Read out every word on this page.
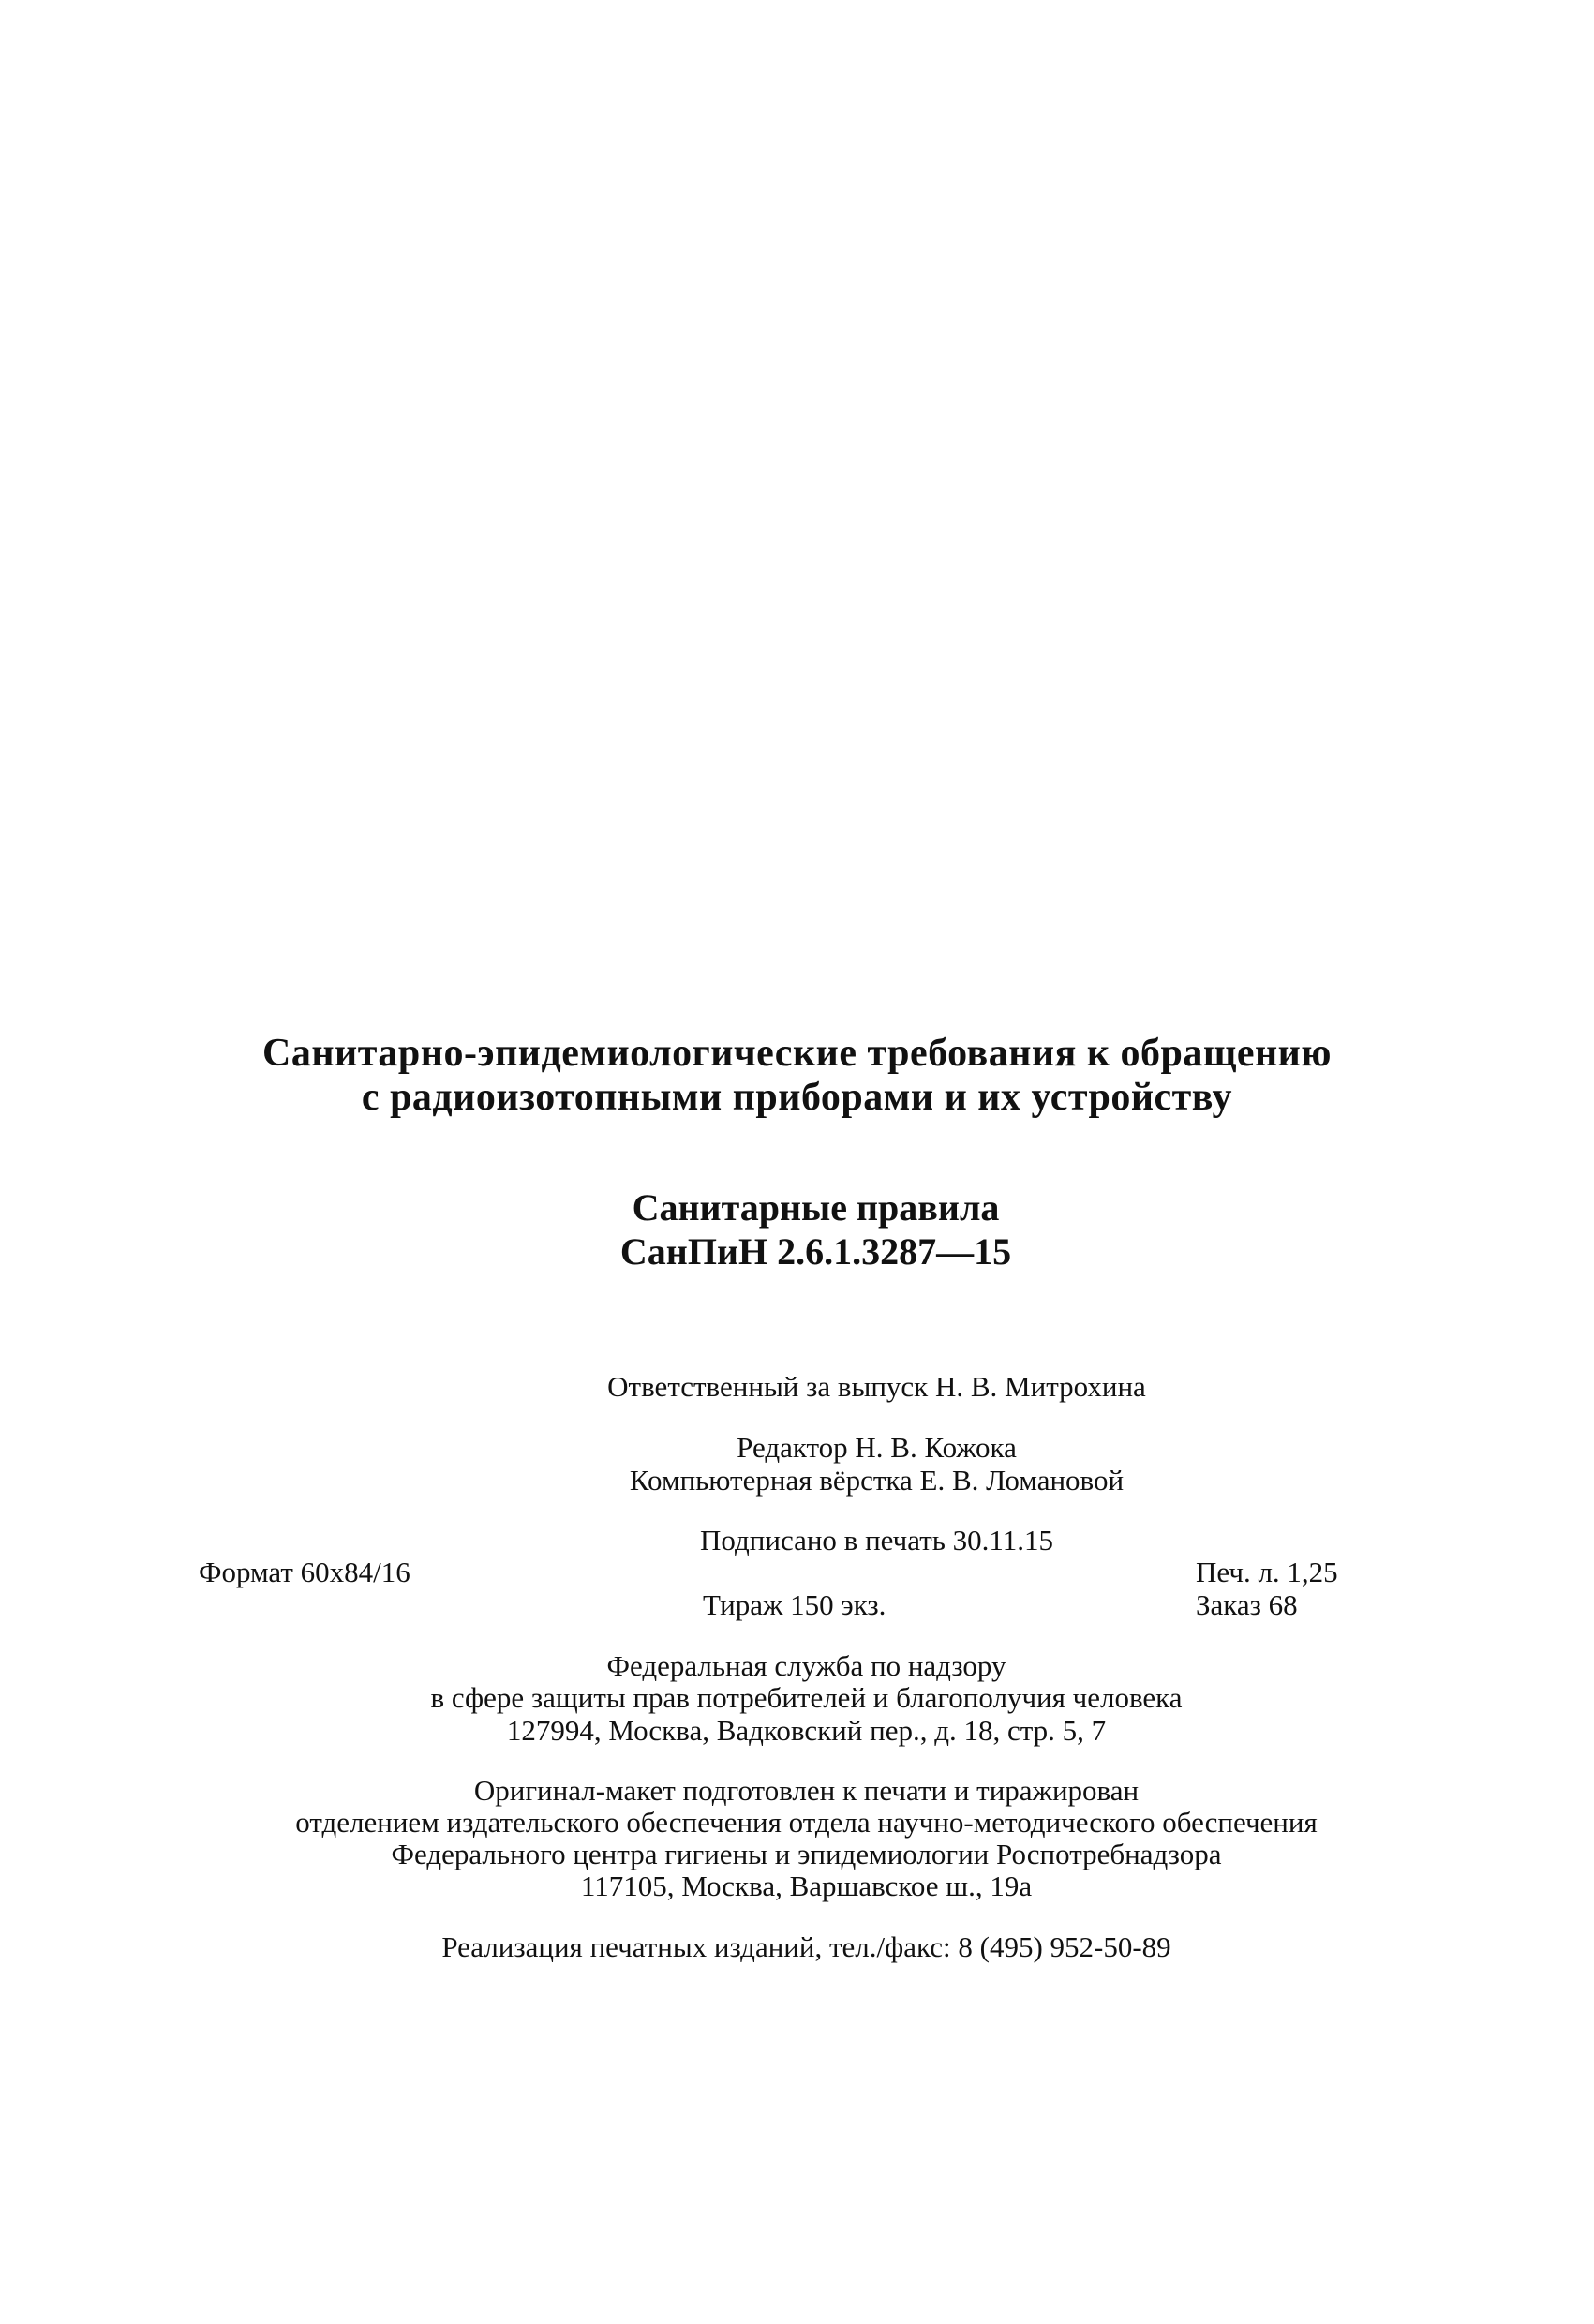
Санитарно-эпидемиологические требования к обращению
с радиоизотопными приборами и их устройству
Санитарные правила
СанПиН 2.6.1.3287—15
Ответственный за выпуск Н. В. Митрохина
Редактор Н. В. Кожока
Компьютерная вёрстка Е. В. Ломановой
Подписано в печать 30.11.15
Формат 60x84/16	Печ. л. 1,25
Тираж 150 экз.	Заказ 68
Федеральная служба по надзору
в сфере защиты прав потребителей и благополучия человека
127994, Москва, Вадковский пер., д. 18, стр. 5, 7
Оригинал-макет подготовлен к печати и тиражирован
отделением издательского обеспечения отдела научно-методического обеспечения
Федерального центра гигиены и эпидемиологии Роспотребнадзора
117105, Москва, Варшавское ш., 19а
Реализация печатных изданий, тел./факс: 8 (495) 952-50-89
